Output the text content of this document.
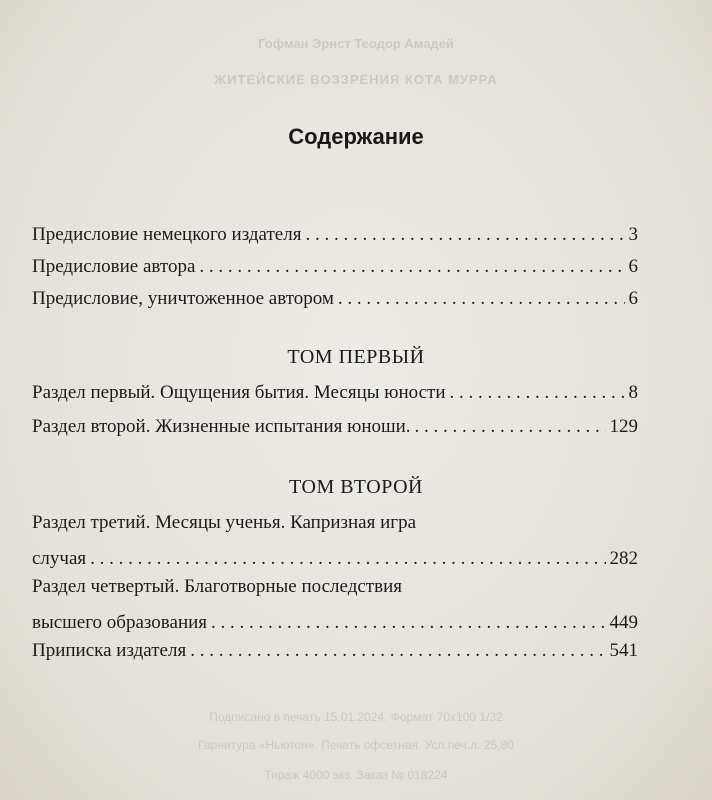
Гофман Эрнст Теодор Амадей
ЖИТЕЙСКИЕ ВОЗЗРЕНИЯ КОТА МУРРА
Содержание
Предисловие немецкого издателя . . .	3
Предисловие автора . . .	6
Предисловие, уничтоженное автором . . .	6
ТОМ ПЕРВЫЙ
Раздел первый. Ощущения бытия. Месяцы юности . . .	8
Раздел второй. Жизненные испытания юноши. . . .	129
ТОМ ВТОРОЙ
Раздел третий. Месяцы ученья. Капризная игра
случая . . .	282
Раздел четвертый. Благотворные последствия
высшего образования . . .	449
Приписка издателя . . .	541
Подписано в печать 15.01.2024. Формат 70х100 1/32
Гарнитура «Ньютон». Печать офсетная. Усл.печ.л. 25,80
Тираж 4000 экз. Заказ № 018224
